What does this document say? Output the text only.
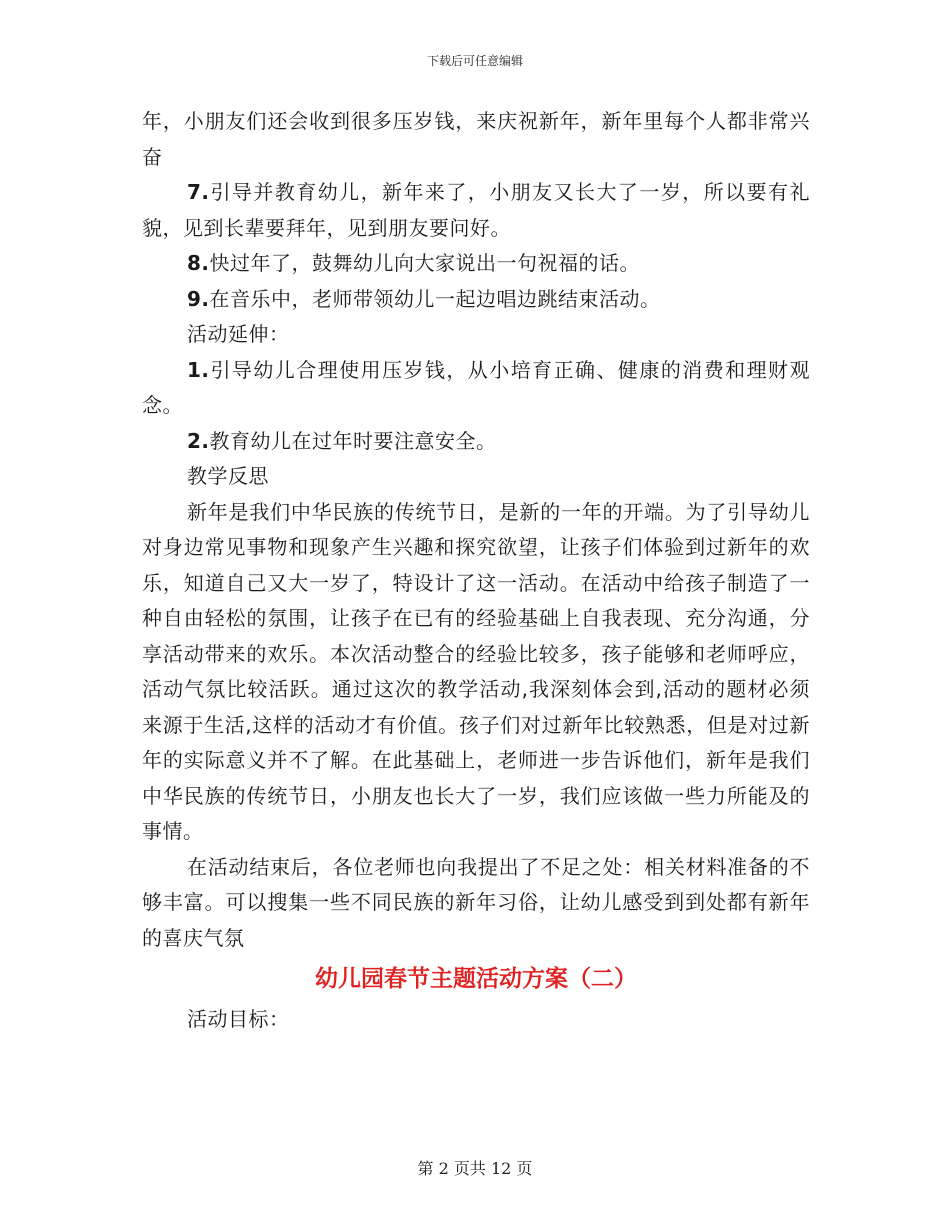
下载后可任意编辑

年，小朋友们还会收到很多压岁钱，来庆祝新年，新年里每个人都非常兴奋

7.引导并教育幼儿，新年来了，小朋友又长大了一岁，所以要有礼貌，见到长辈要拜年，见到朋友要问好。

8.快过年了，鼓舞幼儿向大家说出一句祝福的话。

9.在音乐中，老师带领幼儿一起边唱边跳结束活动。

活动延伸：

1.引导幼儿合理使用压岁钱，从小培育正确、健康的消费和理财观念。

2.教育幼儿在过年时要注意安全。

教学反思

新年是我们中华民族的传统节日，是新的一年的开端。为了引导幼儿对身边常见事物和现象产生兴趣和探究欲望，让孩子们体验到过新年的欢乐，知道自己又大一岁了，特设计了这一活动。在活动中给孩子制造了一种自由轻松的氛围，让孩子在已有的经验基础上自我表现、充分沟通，分享活动带来的欢乐。本次活动整合的经验比较多，孩子能够和老师呼应，活动气氛比较活跃。通过这次的教学活动,我深刻体会到,活动的题材必须来源于生活,这样的活动才有价值。孩子们对过新年比较熟悉，但是对过新年的实际意义并不了解。在此基础上，老师进一步告诉他们，新年是我们中华民族的传统节日，小朋友也长大了一岁，我们应该做一些力所能及的事情。

在活动结束后，各位老师也向我提出了不足之处：相关材料准备的不够丰富。可以搜集一些不同民族的新年习俗，让幼儿感受到到处都有新年的喜庆气氛

幼儿园春节主题活动方案（二）

活动目标：

第 2 页共 12 页
